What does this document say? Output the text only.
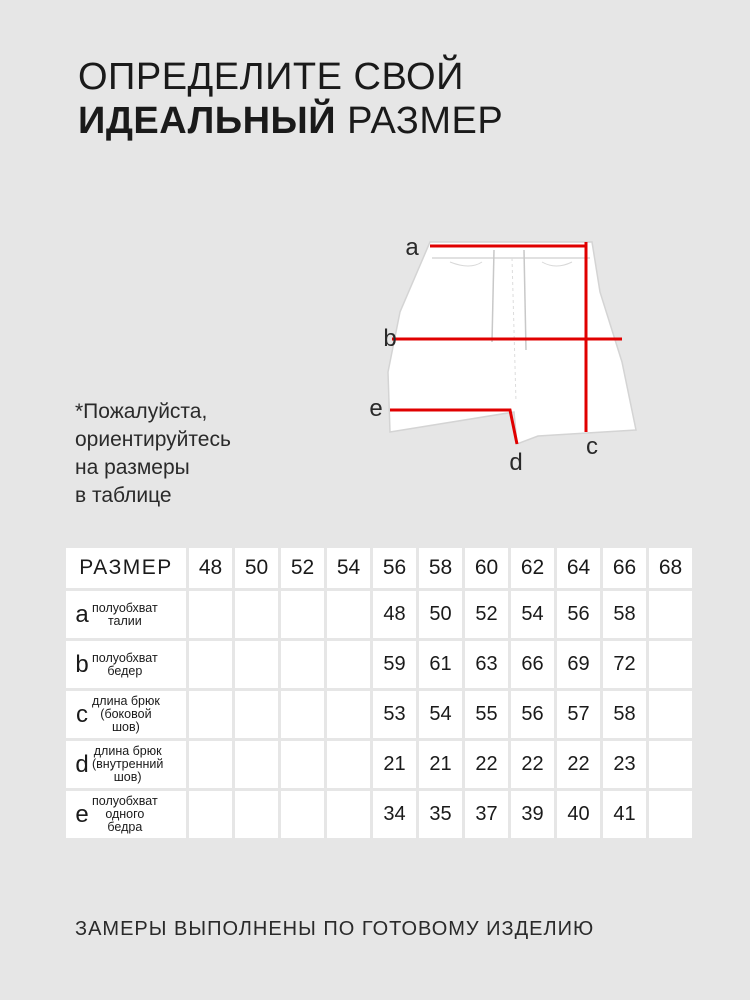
ОПРЕДЕЛИТЕ СВОЙ
ИДЕАЛЬНЫЙ РАЗМЕР
a
b
e
c
d
*Пожалуйста,
ориентируйтесь
на размеры
в таблице
РАЗМЕР	48	50	52	54	56	58	60	62	64	66	68

a полуобхват
талии					48	50	52	54	56	58	

b полуобхват
бедер					59	61	63	66	69	72	

c длина брюк
(боковой
шов)					53	54	55	56	57	58	

d длина брюк
(внутренний
шов)					21	21	22	22	22	23	

e полуобхват
одного
бедра					34	35	37	39	40	41	
ЗАМЕРЫ ВЫПОЛНЕНЫ ПО ГОТОВОМУ ИЗДЕЛИЮ
